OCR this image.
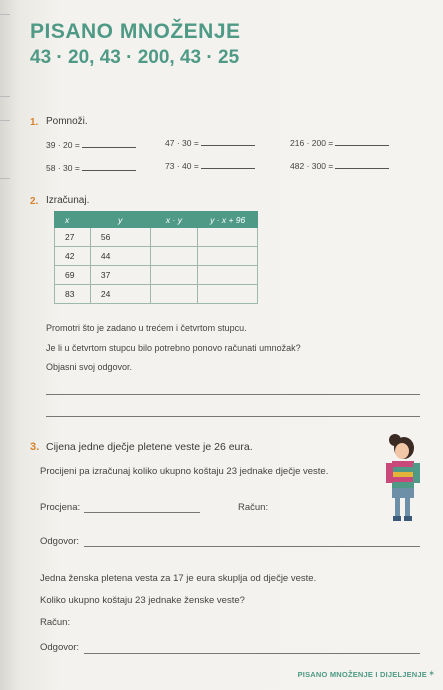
PISANO MNOŽENJE
43 · 20, 43 · 200, 43 · 25
1. Pomnoži.
39 · 20 =	47 · 30 =	216 · 200 =
58 · 30 =	73 · 40 =	482 · 300 =
2. Izračunaj.
x	y	x · y	y · x + 96
27	56		
42	44		
69	37		
83	24		
Promotri što je zadano u trećem i četvrtom stupcu.
Je li u četvrtom stupcu bilo potrebno ponovo računati umnožak?
Objasni svoj odgovor.
3. Cijena jedne dječje pletene veste je 26 eura.
Procijeni pa izračunaj koliko ukupno koštaju 23 jednake dječje veste.
Procjena:	Račun:
Odgovor:
Jedna ženska pletena vesta za 17 je eura skuplja od dječje veste.
Koliko ukupno koštaju 23 jednake ženske veste?
Račun:
Odgovor:
PISANO MNOŽENJE I DIJELJENJE ✶
